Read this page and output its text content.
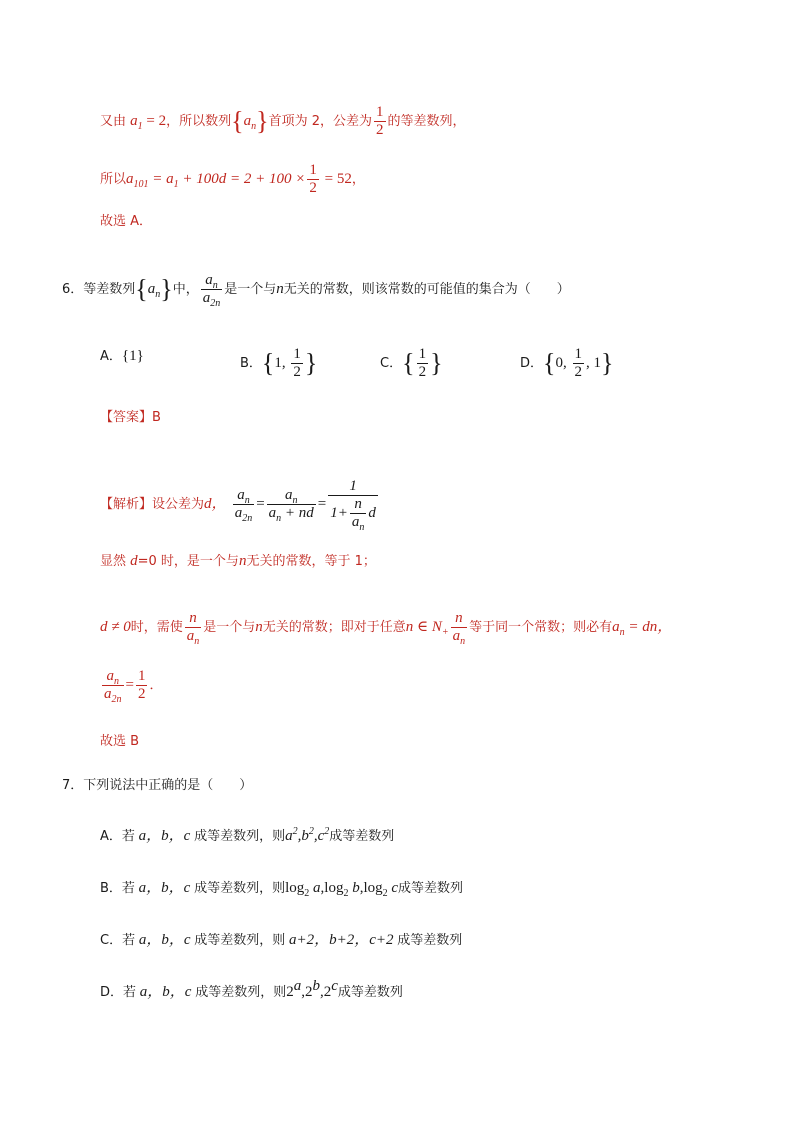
又由 $a_1 = 2$，所以数列$\{a_n\}$首项为 2，公差为 $\frac{1}{2}$ 的等差数列，
所以$a_{101} = a_1 + 100d = 2 + 100 \times \frac{1}{2} = 52$，
故选 A．
6．等差数列$\{a_n\}$中， $\frac{a_n}{a_{2n}}$ 是一个与n无关的常数，则该常数的可能值的集合为（　　）
A．{1}	B．{1, $\frac{1}{2}$ }	C．{ $\frac{1}{2}$ }	D．{0, $\frac{1}{2}$ , 1}
【答案】B
【解析】设公差为d， $\frac{a_n}{a_{2n}} = \frac{a_n}{a_n + nd} = \frac{1}{1+ \frac{n}{a_n} d}$
显然 d=0 时，是一个与n无关的常数，等于 1；
d ≠ 0时，需使 $\frac{n}{a_n}$ 是一个与n无关的常数；即对于任意n ∈ $N_+ \frac{n}{a_n}$ 等于同一个常数；则必有$a_n$ = dn，
$\frac{a_n}{a_{2n}} = \frac{1}{2}$ ．
故选 B
7．下列说法中正确的是（　　）
A．若 a，b，c 成等差数列，则$a^2,b^2,c^2$成等差数列
B．若 a，b，c 成等差数列，则$\log_2 a,\log_2$ $b,\log_2$ c成等差数列
C．若 a，b，c 成等差数列，则 a+2，b+2，c+2 成等差数列
D．若 a，b，c 成等差数列，则2$^a$,2$^b$,2$^c$成等差数列
